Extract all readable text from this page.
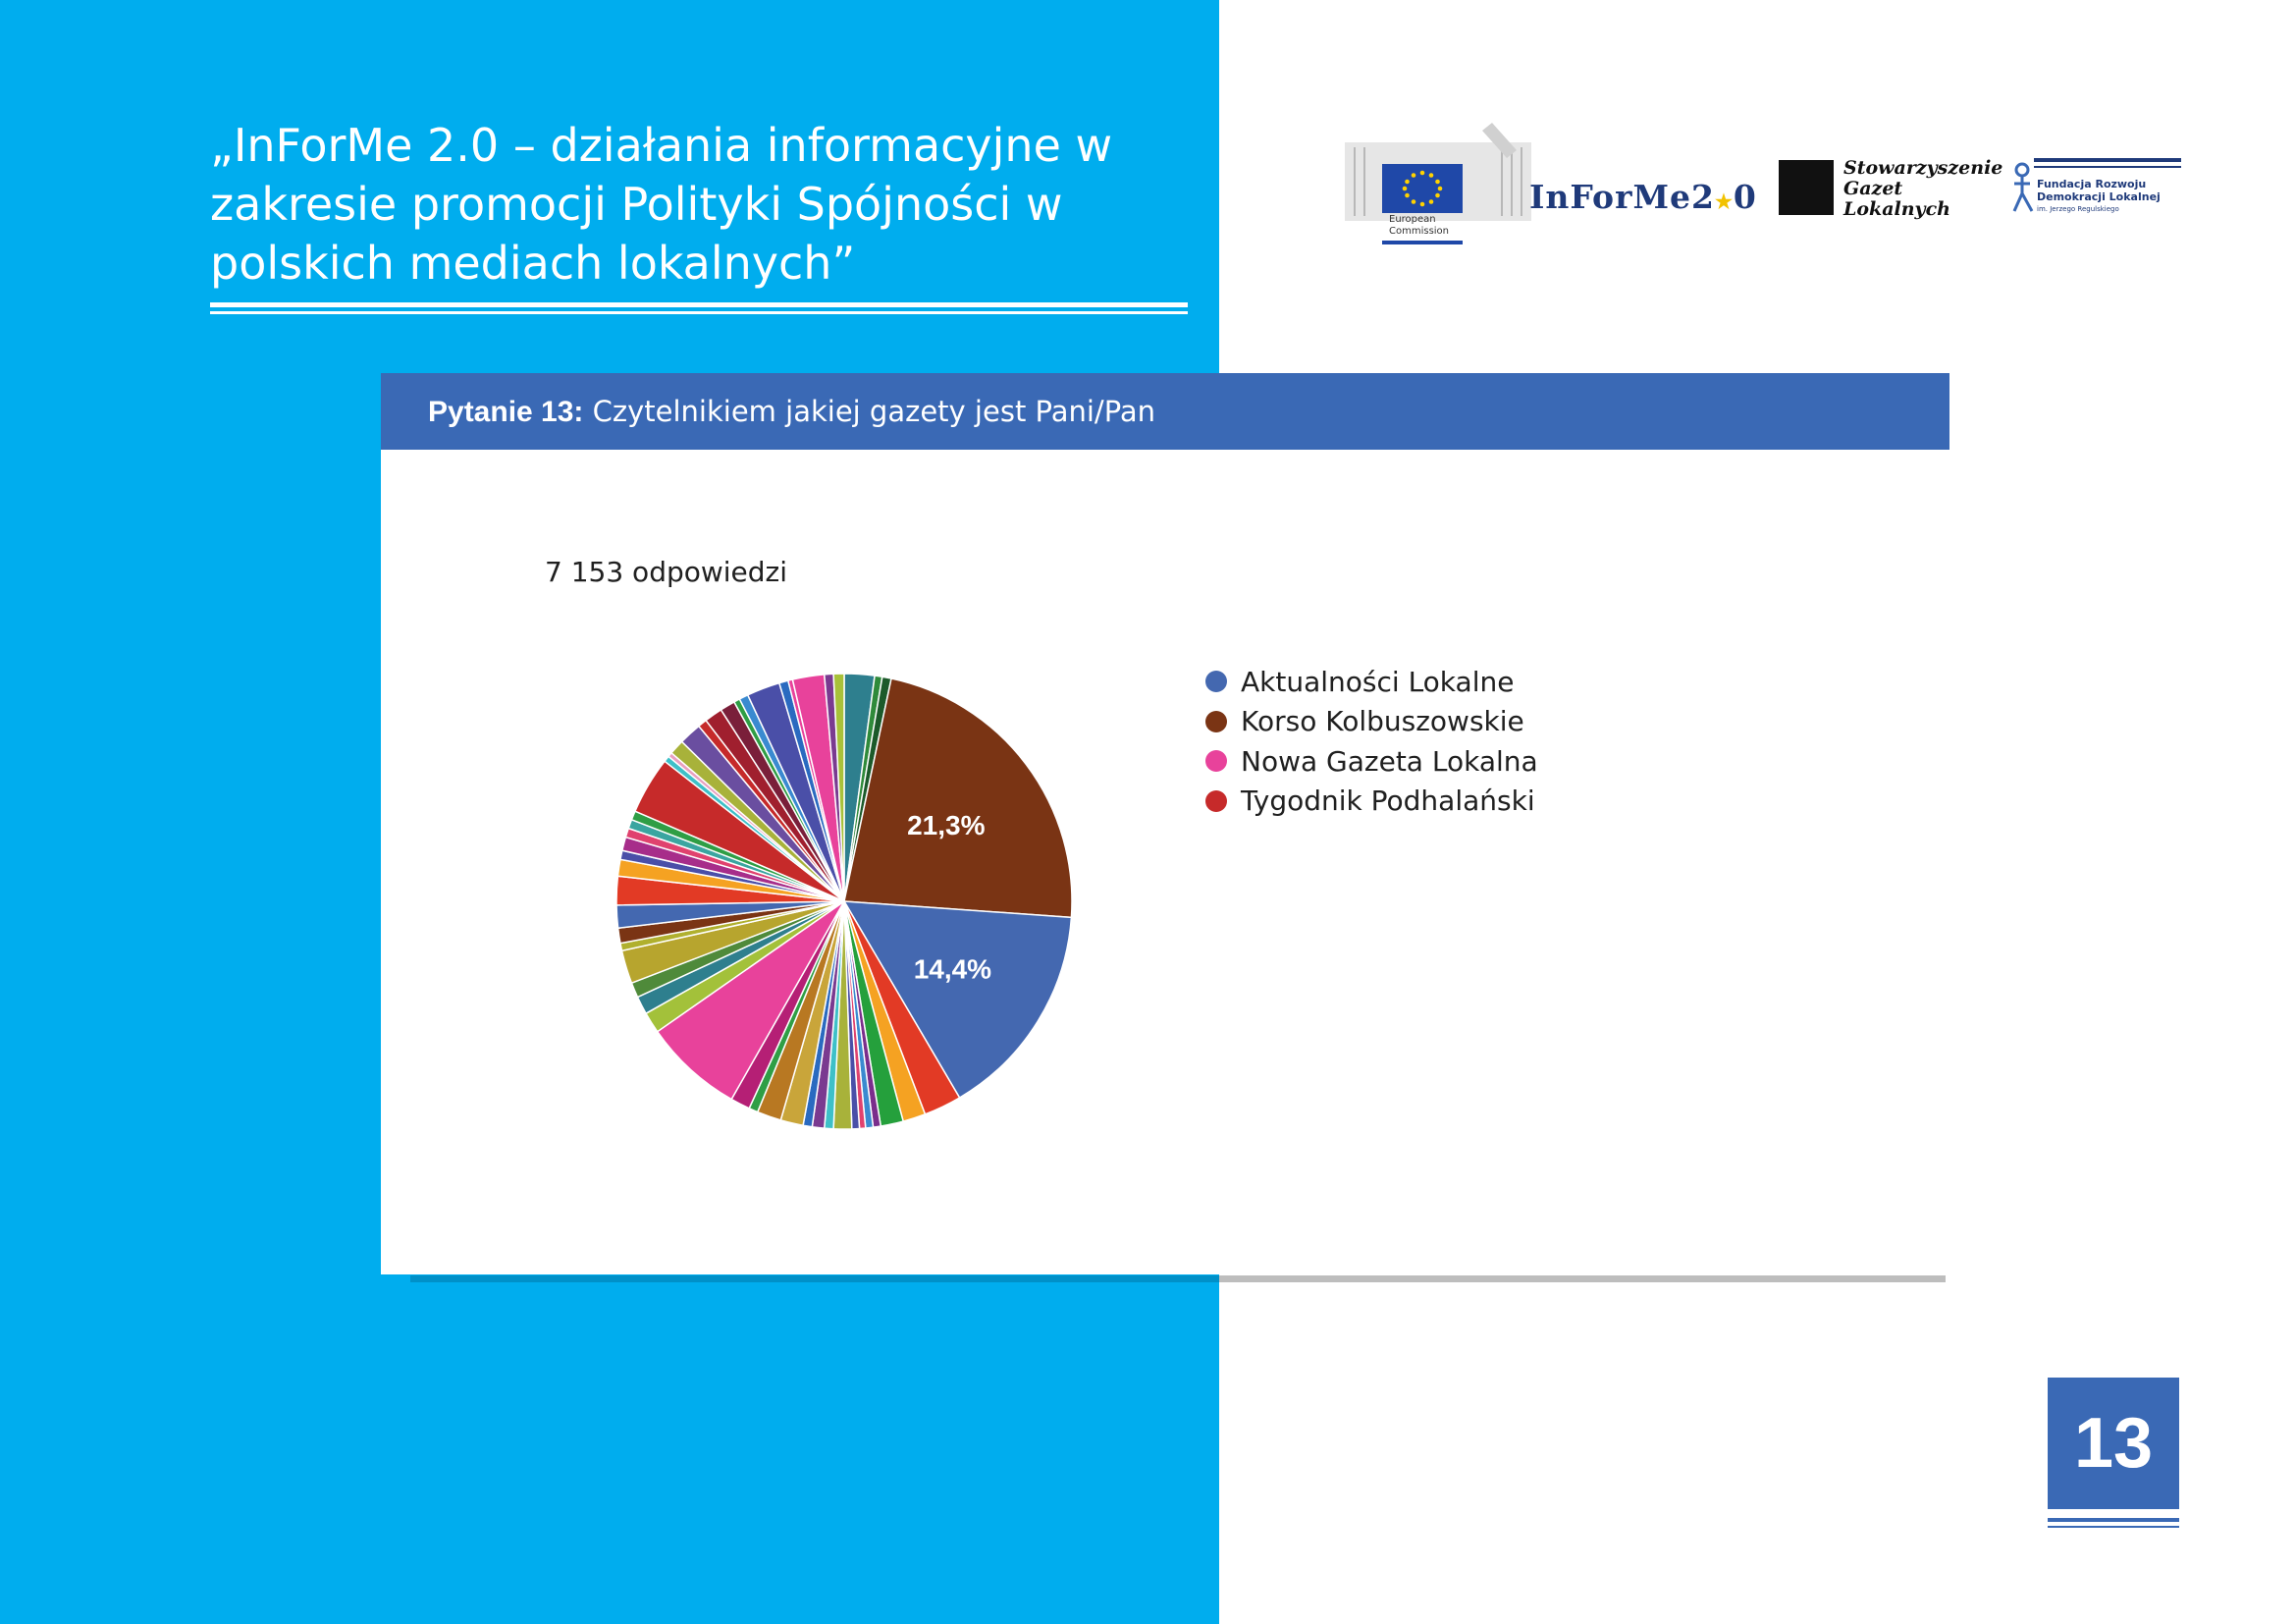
„InForMe 2.0 – działania informacyjne w zakresie promocji Polityki Spójności w polskich mediach lokalnych”
European
Commission
InForMe2★0
Stowarzyszenie
Gazet
Lokalnych
Fundacja Rozwoju
Demokracji Lokalnej
im. Jerzego Regulskiego
Pytanie 13: Czytelnikiem jakiej gazety jest Pani/Pan
7 153 odpowiedzi
21,3%
14,4%
Aktualności Lokalne
Korso Kolbuszowskie
Nowa Gazeta Lokalna
Tygodnik Podhalański
13
